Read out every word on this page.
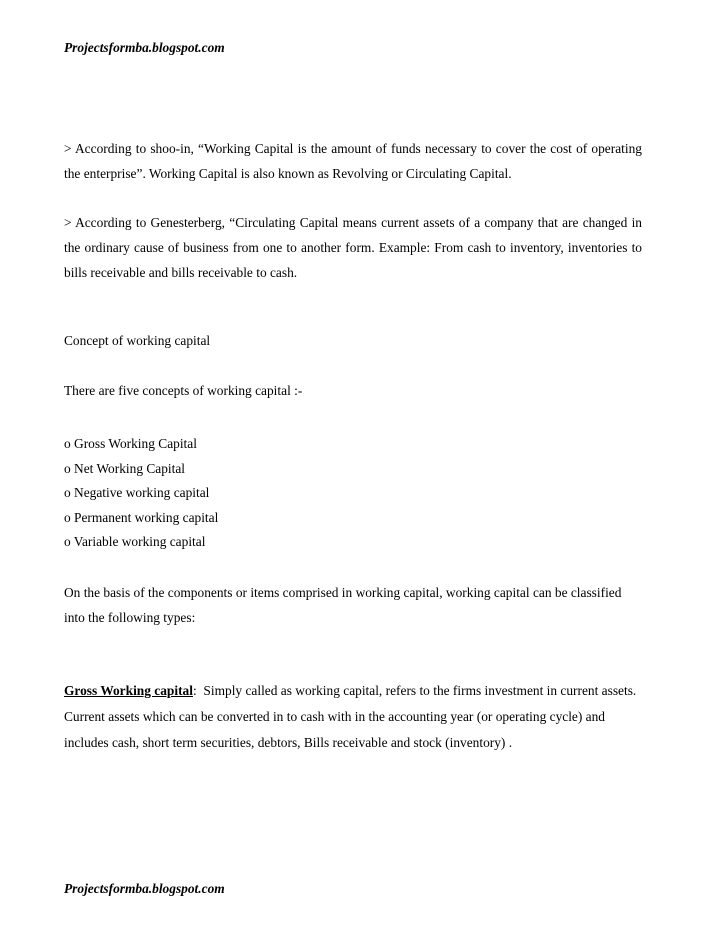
Projectsformba.blogspot.com

> According to shoo-in, “Working Capital is the amount of funds necessary to cover the cost of operating the enterprise”. Working Capital is also known as Revolving or Circulating Capital.

> According to Genesterberg, “Circulating Capital means current assets of a company that are changed in the ordinary cause of business from one to another form. Example: From cash to inventory, inventories to bills receivable and bills receivable to cash.

Concept of working capital
There are five concepts of working capital :-
o Gross Working Capital
o Net Working Capital
o Negative working capital
o Permanent working capital
o Variable working capital

On the basis of the components or items comprised in working capital, working capital can be classified into the following types:

Gross Working capital:  Simply called as working capital, refers to the firms investment in current assets. Current assets which can be converted in to cash with in the accounting year (or operating cycle) and includes cash, short term securities, debtors, Bills receivable and stock (inventory) .

Projectsformba.blogspot.com
